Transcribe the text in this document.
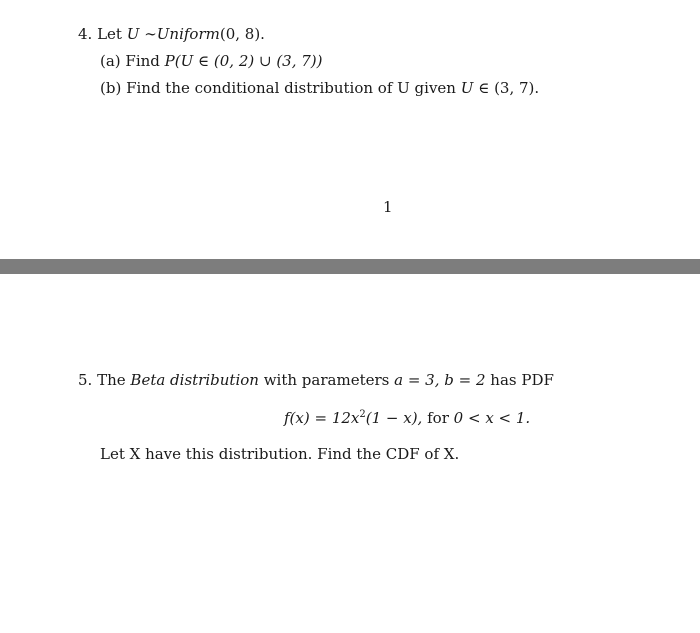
4. Let U ∼Uniform(0, 8).
(a) Find P(U ∈ (0, 2) ∪ (3, 7))
(b) Find the conditional distribution of U given U ∈ (3, 7).
1
5. The Beta distribution with parameters a = 3, b = 2 has PDF
$f(x) = 12x^2(1 - x)$, for 0 < x < 1.
Let X have this distribution. Find the CDF of X.
